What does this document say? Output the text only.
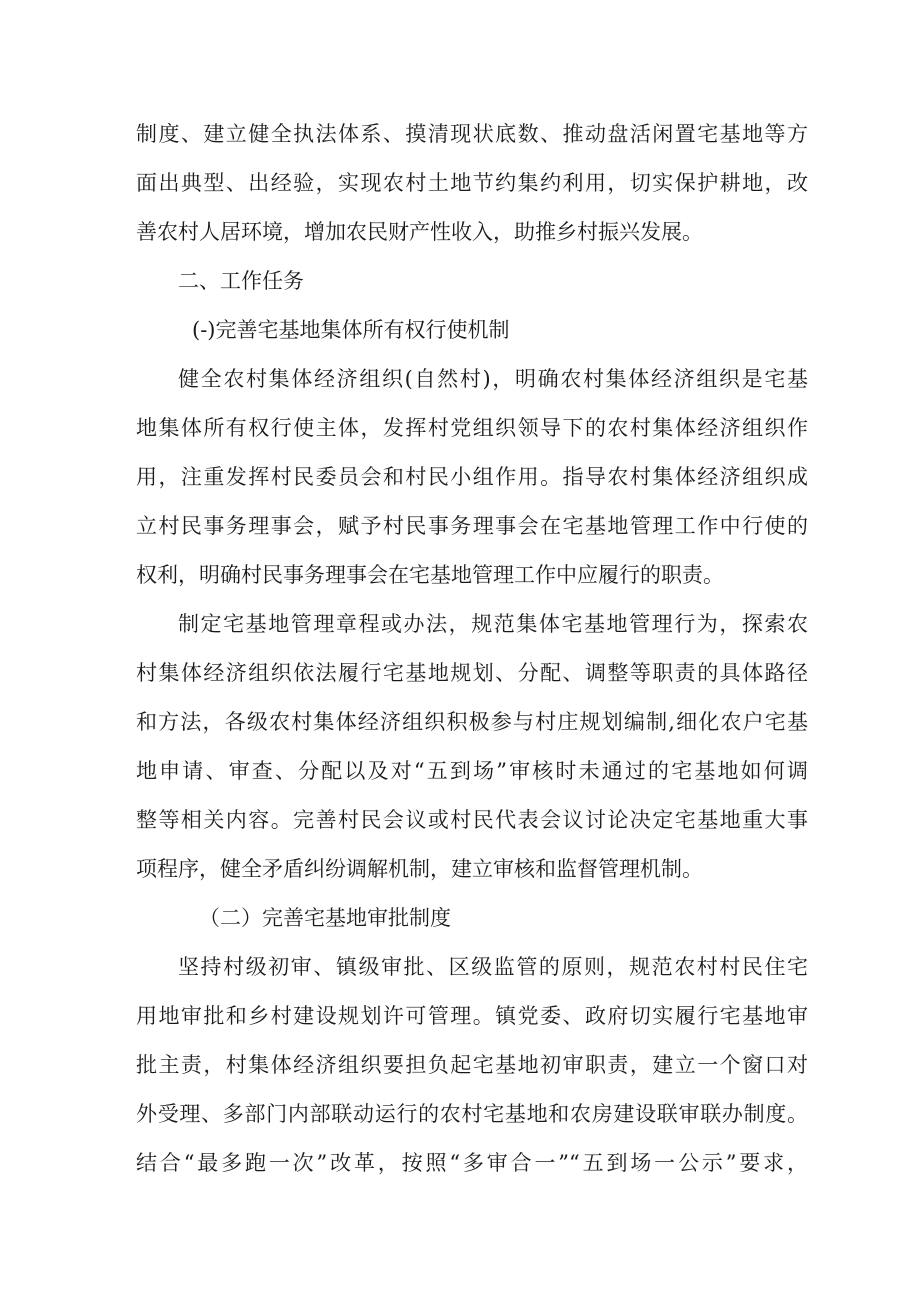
制度、建立健全执法体系、摸清现状底数、推动盘活闲置宅基地等方
面出典型、出经验，实现农村土地节约集约利用，切实保护耕地，改
善农村人居环境，增加农民财产性收入，助推乡村振兴发展。
二、工作任务
(-)完善宅基地集体所有权行使机制
健全农村集体经济组织(自然村)，明确农村集体经济组织是宅基
地集体所有权行使主体，发挥村党组织领导下的农村集体经济组织作
用，注重发挥村民委员会和村民小组作用。指导农村集体经济组织成
立村民事务理事会，赋予村民事务理事会在宅基地管理工作中行使的
权利，明确村民事务理事会在宅基地管理工作中应履行的职责。
制定宅基地管理章程或办法，规范集体宅基地管理行为，探索农
村集体经济组织依法履行宅基地规划、分配、调整等职责的具体路径
和方法，各级农村集体经济组织积极参与村庄规划编制,细化农户宅基
地申请、审查、分配以及对“五到场”审核时未通过的宅基地如何调
整等相关内容。完善村民会议或村民代表会议讨论决定宅基地重大事
项程序，健全矛盾纠纷调解机制，建立审核和监督管理机制。
（二）完善宅基地审批制度
坚持村级初审、镇级审批、区级监管的原则，规范农村村民住宅
用地审批和乡村建设规划许可管理。镇党委、政府切实履行宅基地审
批主责，村集体经济组织要担负起宅基地初审职责，建立一个窗口对
外受理、多部门内部联动运行的农村宅基地和农房建设联审联办制度。
结合“最多跑一次”改革，按照“多审合一”“五到场一公示”要求，
